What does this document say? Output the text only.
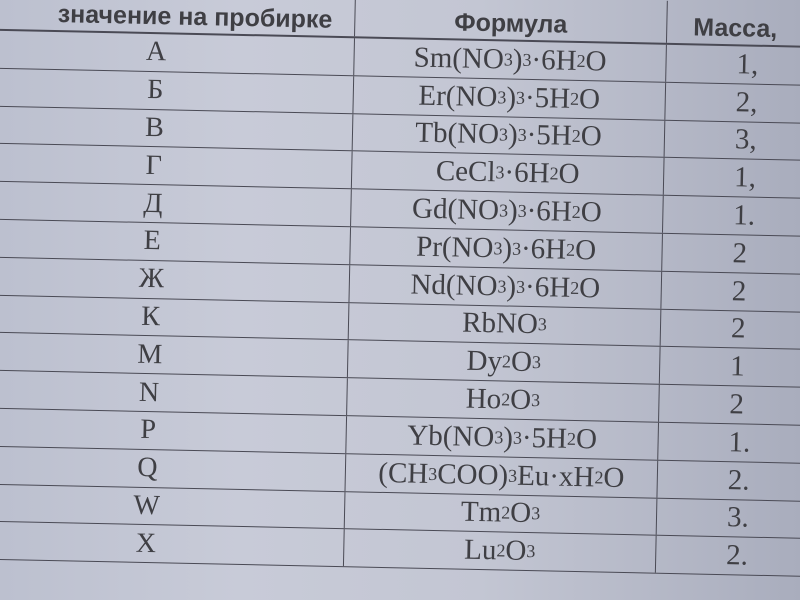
значение на пробирке	Формула	Масса,
А	Sm(NO 3 ) 3 ·6H 2 O	1,
Б	Er(NO 3 ) 3 ·5H 2 O	2,
В	Tb(NO 3 ) 3 ·5H 2 O	3,
Г	CeCl 3 ·6H 2 O	1,
Д	Gd(NO 3 ) 3 ·6H 2 O	1.
Е	Pr(NO 3 ) 3 ·6H 2 O	2
Ж	Nd(NO 3 ) 3 ·6H 2 O	2
К	RbNO 3	2
М	Dy 2 O 3	1
N	Ho 2 O 3	2
P	Yb(NO 3 ) 3 ·5H 2 O	1.
Q	(CH 3 COO) 3 Eu·xH 2 O	2.
W	Tm 2 O 3	3.
X	Lu 2 O 3	2.
